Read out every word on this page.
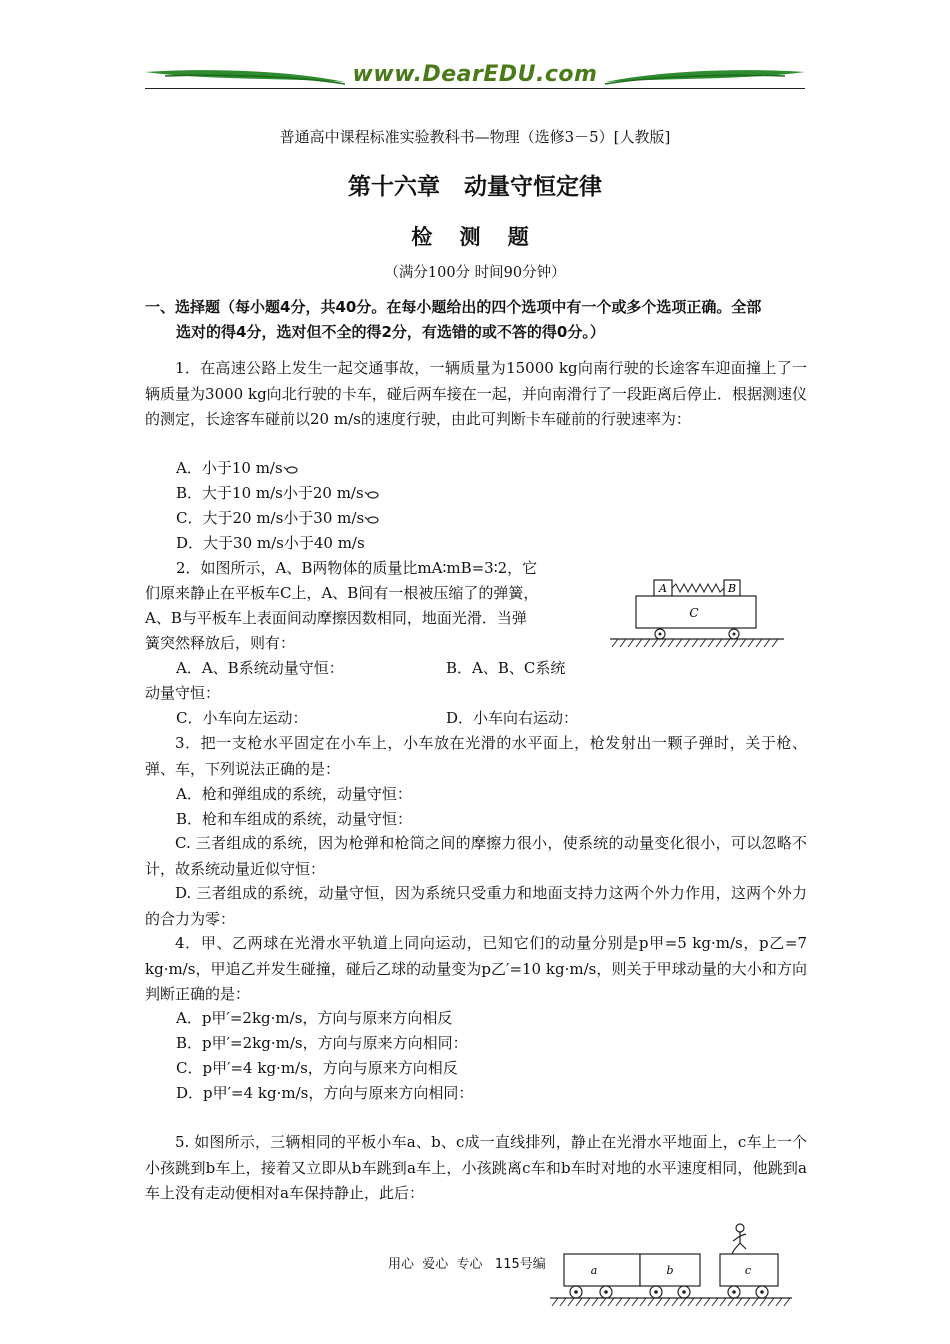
www.DearEDU.com
普通高中课程标准实验教科书—物理（选修3－5）[人教版]
第十六章   动量守恒定律
检 测 题
（满分100分 时间90分钟）
一、选择题（每小题4分，共40分。在每小题给出的四个选项中有一个或多个选项正确。全部
选对的得4分，选对但不全的得2分，有选错的或不答的得0分。）
1．在高速公路上发生一起交通事故，一辆质量为15000 kg向南行驶的长途客车迎面撞上了一辆质量为3000 kg向北行驶的卡车，碰后两车接在一起，并向南滑行了一段距离后停止．根据测速仪的测定，长途客车碰前以20 m/s的速度行驶，由此可判断卡车碰前的行驶速率为：
A．小于10 m/s
B．大于10 m/s小于20 m/s
C．大于20 m/s小于30 m/s
D．大于30 m/s小于40 m/s
2．如图所示，A、B两物体的质量比mA∶mB=3∶2，它
们原来静止在平板车C上，A、B间有一根被压缩了的弹簧，
A、B与平板车上表面间动摩擦因数相同，地面光滑．当弹
簧突然释放后，则有：
A．A、B系统动量守恒：	B．A、B、C系统
动量守恒：
C．小车向左运动：	D．小车向右运动：
A	B
C
3．把一支枪水平固定在小车上，小车放在光滑的水平面上，枪发射出一颗子弹时，关于枪、弹、车，下列说法正确的是：
A．枪和弹组成的系统，动量守恒：
B．枪和车组成的系统，动量守恒：
C. 三者组成的系统，因为枪弹和枪筒之间的摩擦力很小，使系统的动量变化很小，可以忽略不计，故系统动量近似守恒：
D. 三者组成的系统，动量守恒，因为系统只受重力和地面支持力这两个外力作用，这两个外力的合力为零：
4．甲、乙两球在光滑水平轨道上同向运动，已知它们的动量分别是p甲=5 kg·m/s，p乙=7 kg·m/s，甲追乙并发生碰撞，碰后乙球的动量变为p乙′=10 kg·m/s，则关于甲球动量的大小和方向判断正确的是：
A．p甲′=2kg·m/s，方向与原来方向相反
B．p甲′=2kg·m/s，方向与原来方向相同：
C．p甲′=4 kg·m/s，方向与原来方向相反
D．p甲′=4 kg·m/s，方向与原来方向相同：
5. 如图所示，三辆相同的平板小车a、b、c成一直线排列，静止在光滑水平地面上，c车上一个小孩跳到b车上，接着又立即从b车跳到a车上，小孩跳离c车和b车时对地的水平速度相同，他跳到a车上没有走动便相对a车保持静止，此后：
用心  爱心  专心   115号编	a	b	c
